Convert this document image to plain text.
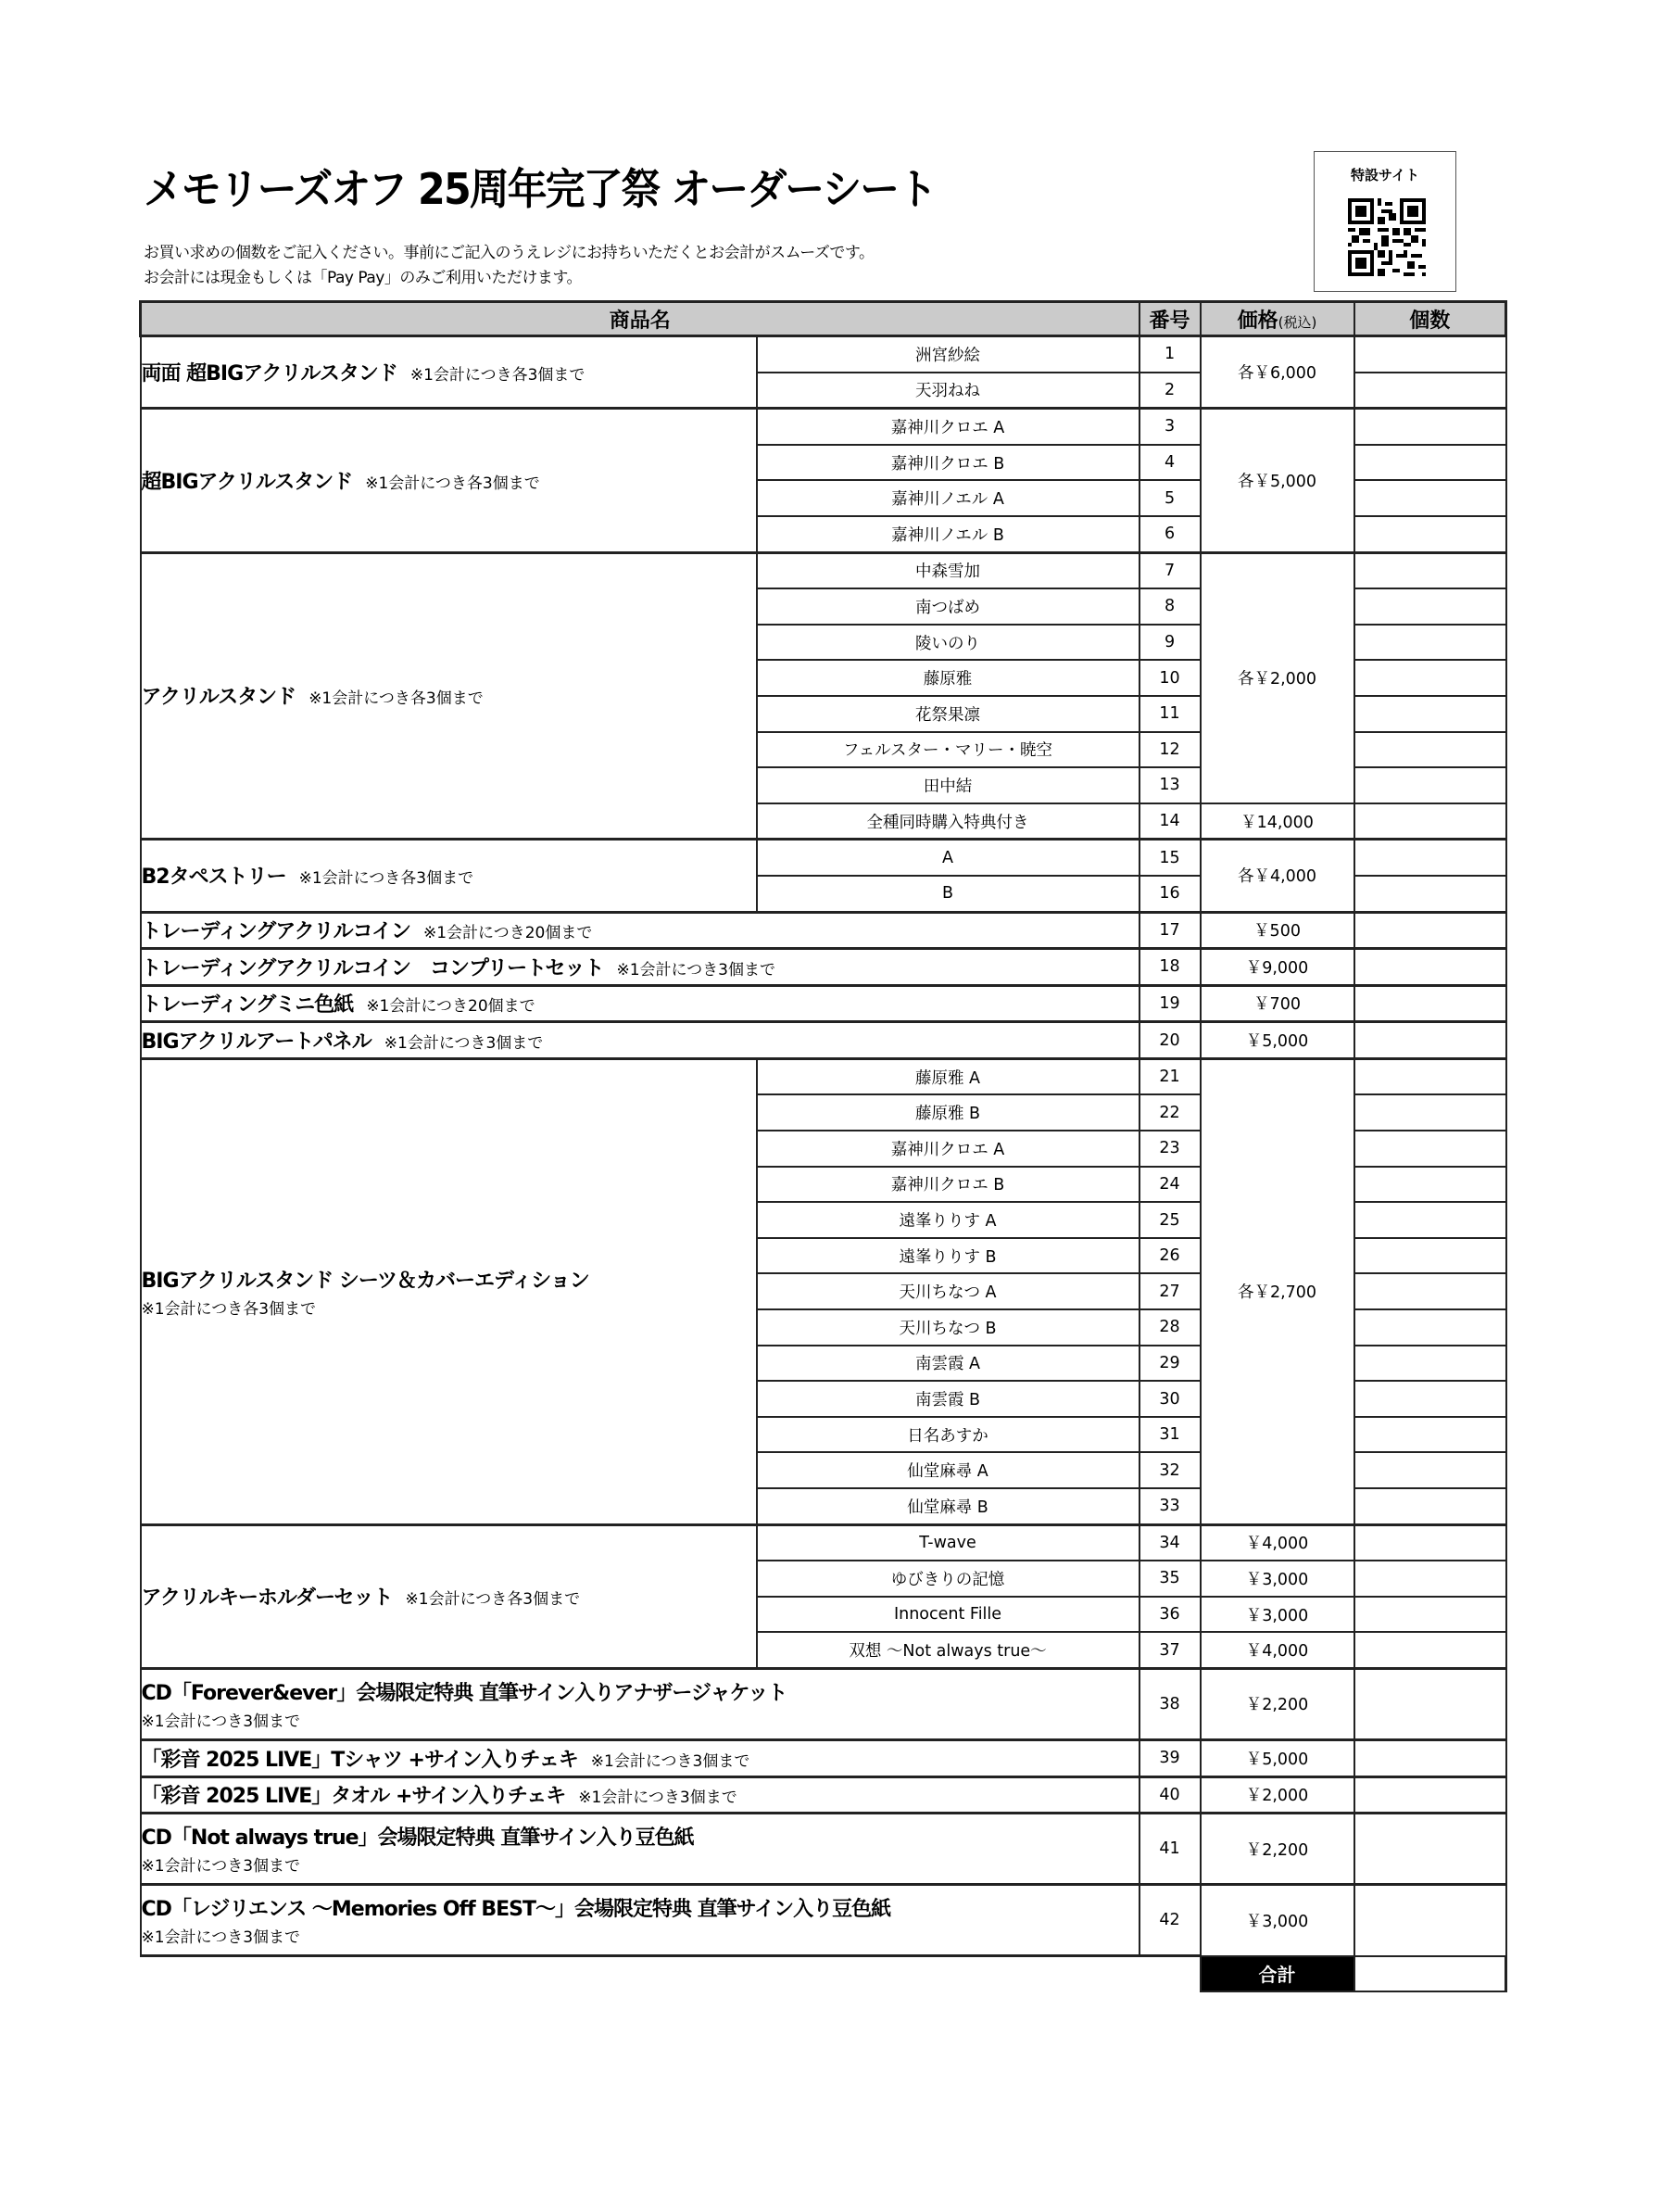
メモリーズオフ 25周年完了祭 オーダーシート
お買い求めの個数をご記入ください。事前にご記入のうえレジにお持ちいただくとお会計がスムーズです。
お会計には現金もしくは「Pay Pay」のみご利用いただけます。
特設サイト
商品名		番号	価格(税込)	個数
両面 超BIGアクリルスタンド ※1会計につき各3個まで	洲宮紗絵	1	各￥6,000	
	天羽ねね	2		
超BIGアクリルスタンド ※1会計につき各3個まで	嘉神川クロエ A	3	各￥5,000	
	嘉神川クロエ B	4		
	嘉神川ノエル A	5		
	嘉神川ノエル B	6		
アクリルスタンド ※1会計につき各3個まで	中森雪加	7	各￥2,000	
	南つばめ	8		
	陵いのり	9		
	藤原雅	10		
	花祭果凛	11		
	フェルスター・マリー・暁空	12		
	田中結	13		
	全種同時購入特典付き	14	￥14,000	
B2タペストリー ※1会計につき各3個まで	A	15	各￥4,000	
	B	16		
トレーディングアクリルコイン ※1会計につき20個まで		17	￥500	
トレーディングアクリルコイン　コンプリートセット ※1会計につき3個まで		18	￥9,000	
トレーディングミニ色紙 ※1会計につき20個まで		19	￥700	
BIGアクリルアートパネル ※1会計につき3個まで		20	￥5,000	
BIGアクリルスタンド シーツ＆カバーエディション
※1会計につき各3個まで	藤原雅 A	21	各￥2,700	
	藤原雅 B	22		
	嘉神川クロエ A	23		
	嘉神川クロエ B	24		
	遠峯りりす A	25		
	遠峯りりす B	26		
	天川ちなつ A	27		
	天川ちなつ B	28		
	南雲霞 A	29		
	南雲霞 B	30		
	日名あすか	31		
	仙堂麻尋 A	32		
	仙堂麻尋 B	33		
アクリルキーホルダーセット ※1会計につき各3個まで	T-wave	34	￥4,000	
	ゆびきりの記憶	35	￥3,000	
	Innocent Fille	36	￥3,000	
	双想 ～Not always true～	37	￥4,000	
CD「Forever&ever」会場限定特典 直筆サイン入りアナザージャケット
※1会計につき3個まで		38	￥2,200	
「彩音 2025 LIVE」Tシャツ +サイン入りチェキ ※1会計につき3個まで		39	￥5,000	
「彩音 2025 LIVE」タオル +サイン入りチェキ ※1会計につき3個まで		40	￥2,000	
CD「Not always true」会場限定特典 直筆サイン入り豆色紙
※1会計につき3個まで		41	￥2,200	
CD「レジリエンス ～Memories Off BEST～」会場限定特典 直筆サイン入り豆色紙
※1会計につき3個まで		42	￥3,000	
			合計	
